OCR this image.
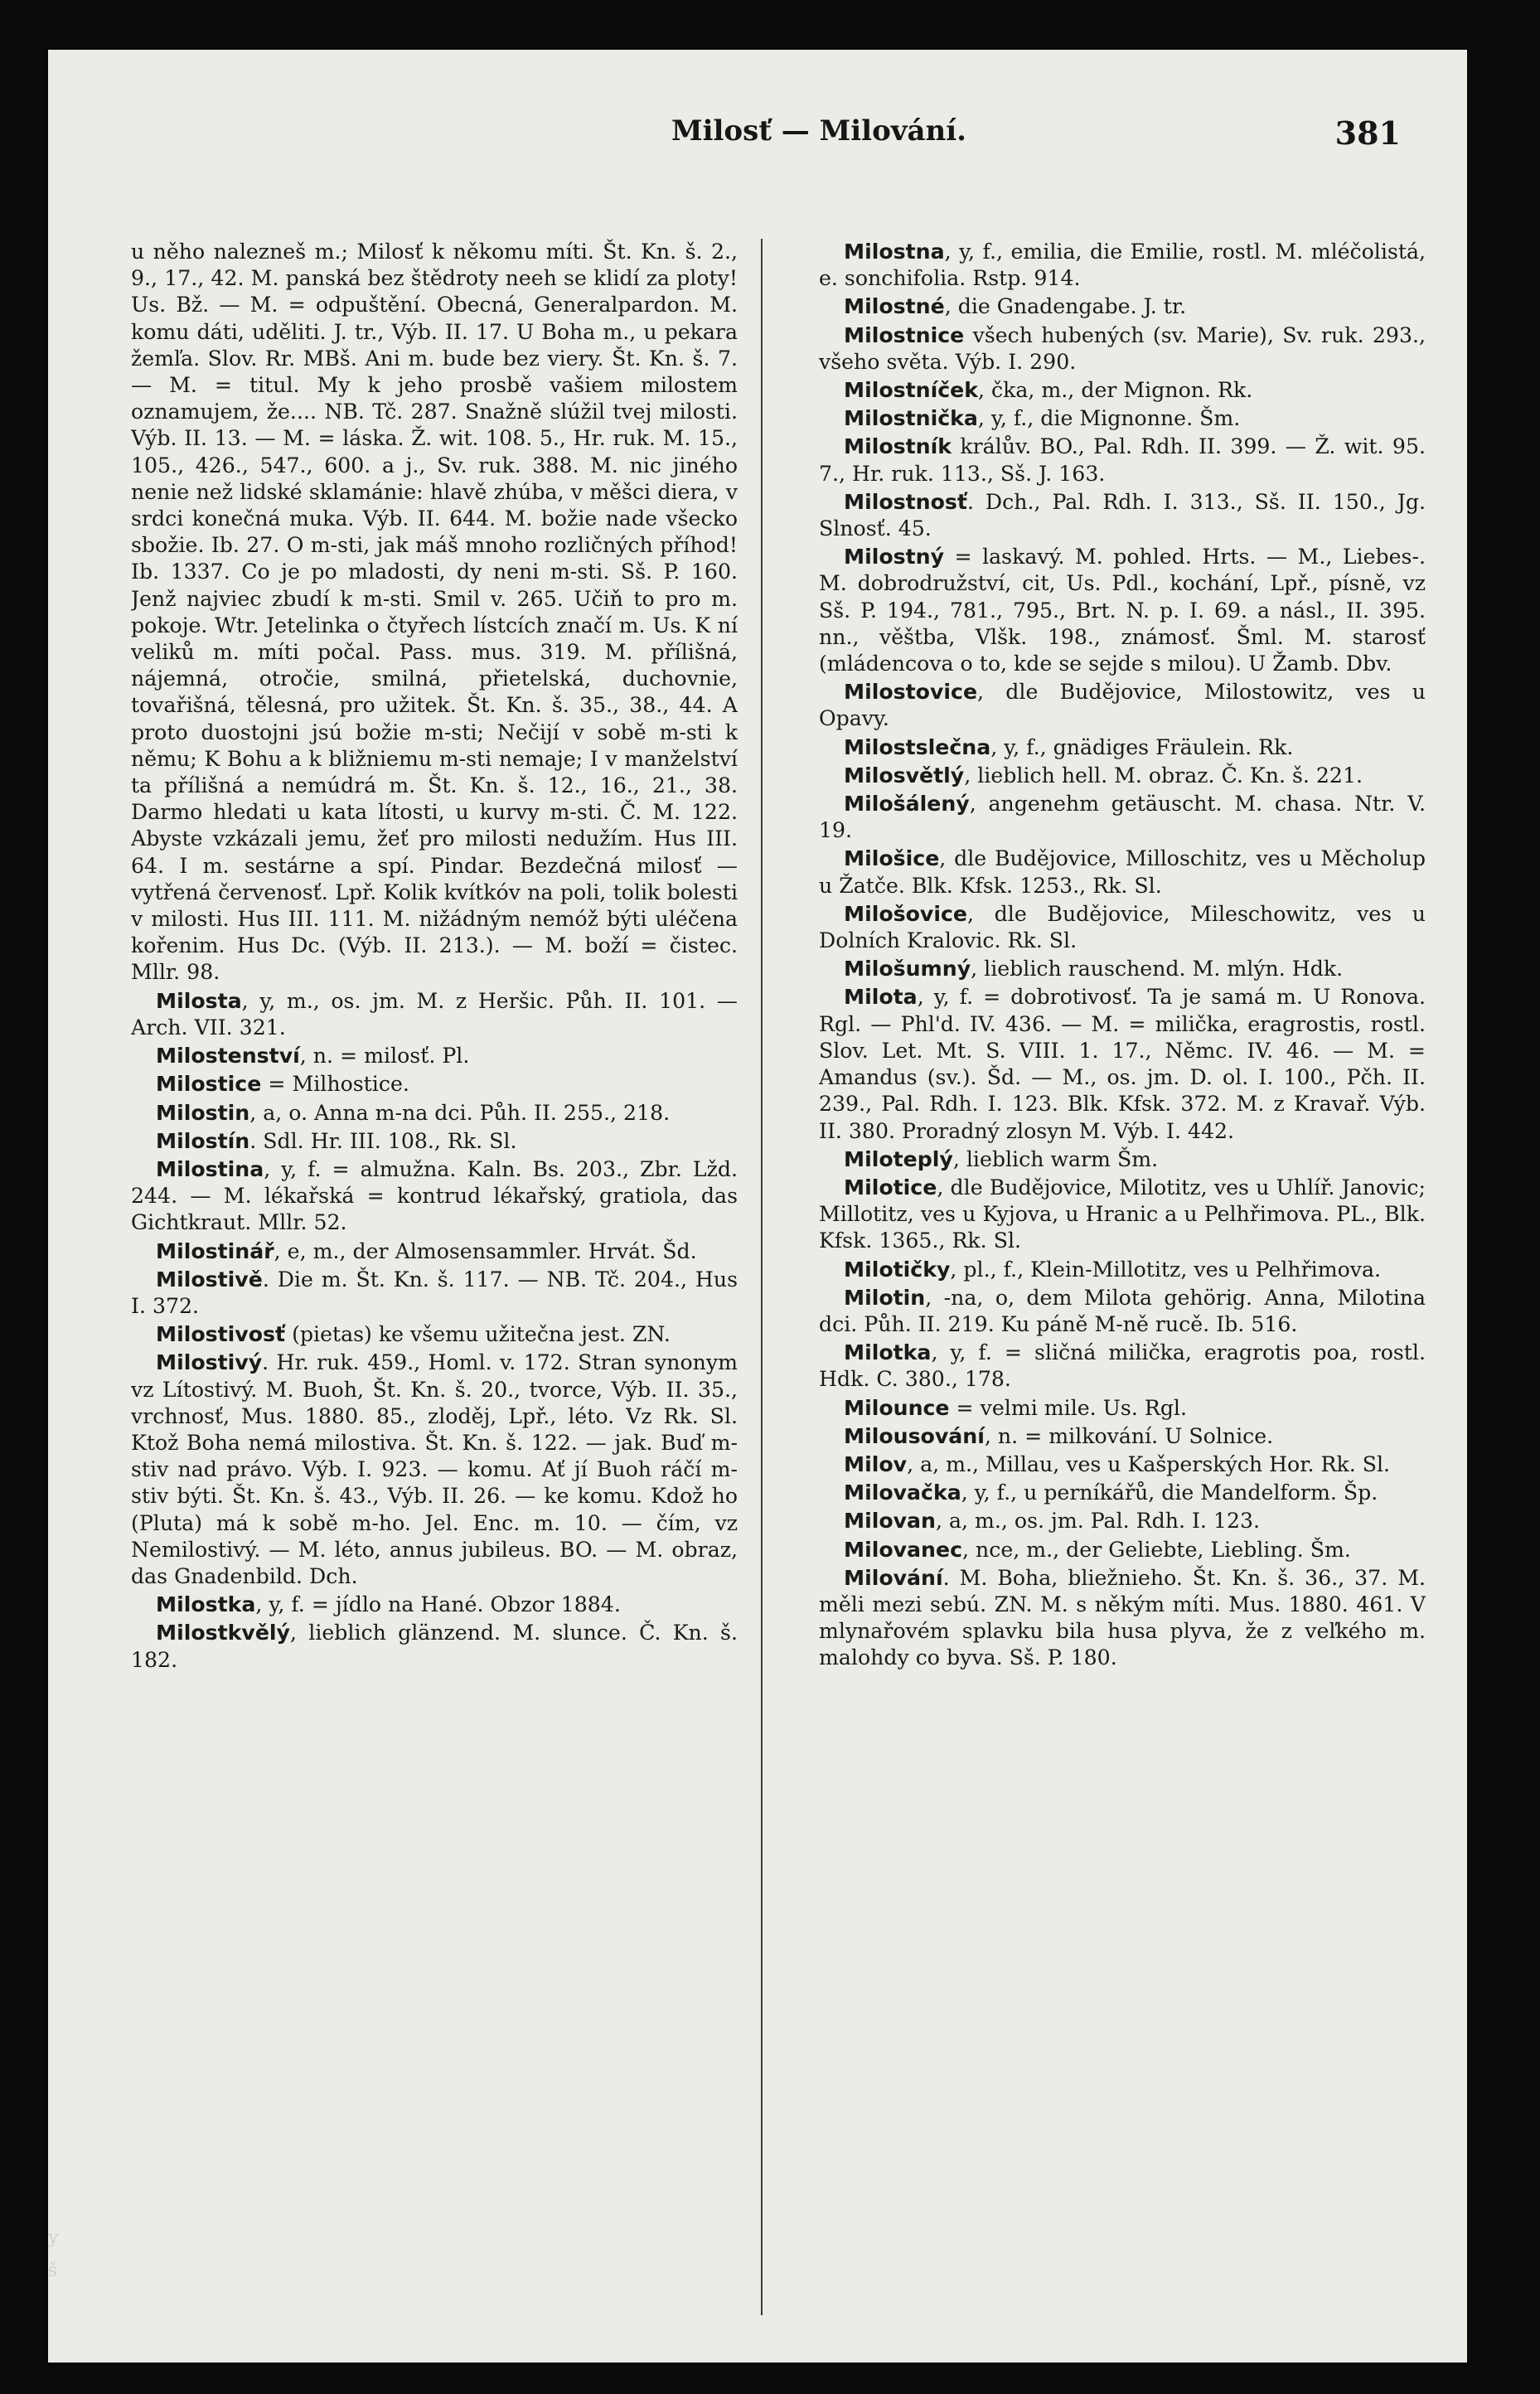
Milosť — Milování.	381

u něho nalezneš m.; Milosť k někomu míti. Št. Kn. š. 2., 9., 17., 42. M. panská bez štědroty neeh se klidí za ploty! Us. Bž. — M. = odpuštění. Obecná, Generalpardon. M. komu dáti, uděliti. J. tr., Výb. II. 17. U Boha m., u pekara žemľa. Slov. Rr. MBš. Ani m. bude bez viery. Št. Kn. š. 7. — M. = titul. My k jeho prosbě vašiem milostem oznamujem, že.... NB. Tč. 287. Snažně slúžil tvej milosti. Výb. II. 13. — M. = láska. Ž. wit. 108. 5., Hr. ruk. M. 15., 105., 426., 547., 600. a j., Sv. ruk. 388. M. nic jiného nenie než lidské sklamánie: hlavě zhúba, v měšci diera, v srdci konečná muka. Výb. II. 644. M. božie nade všecko sbožie. Ib. 27. O m-sti, jak máš mnoho rozličných příhod! Ib. 1337. Co je po mladosti, dy neni m-sti. Sš. P. 160. Jenž najviec zbudí k m-sti. Smil v. 265. Učiň to pro m. pokoje. Wtr. Jetelinka o čtyřech lístcích značí m. Us. K ní veliků m. míti počal. Pass. mus. 319. M. přílišná, nájemná, otročie, smilná, přietelská, duchovnie, tovařišná, tělesná, pro užitek. Št. Kn. š. 35., 38., 44. A proto duostojni jsú božie m-sti; Nečijí v sobě m-sti k němu; K Bohu a k bližniemu m-sti nemaje; I v manželství ta přílišná a nemúdrá m. Št. Kn. š. 12., 16., 21., 38. Darmo hledati u kata lítosti, u kurvy m-sti. Č. M. 122. Abyste vzkázali jemu, žeť pro milosti nedužím. Hus III. 64. I m. sestárne a spí. Pindar. Bezdečná milosť — vytřená červenosť. Lpř. Kolik kvítkóv na poli, tolik bolesti v milosti. Hus III. 111. M. nižádným nemóž býti uléčena kořenim. Hus Dc. (Výb. II. 213.). — M. boží = čistec. Mllr. 98.

Milosta, y, m., os. jm. M. z Heršic. Půh. II. 101. — Arch. VII. 321.

Milostenství, n. = milosť. Pl.

Milostice = Milhostice.

Milostin, a, o. Anna m-na dci. Půh. II. 255., 218.

Milostín. Sdl. Hr. III. 108., Rk. Sl.

Milostina, y, f. = almužna. Kaln. Bs. 203., Zbr. Lžd. 244. — M. lékařská = kontrud lékařský, gratiola, das Gichtkraut. Mllr. 52.

Milostinář, e, m., der Almosensammler. Hrvát. Šd.

Milostivě. Die m. Št. Kn. š. 117. — NB. Tč. 204., Hus I. 372.

Milostivosť (pietas) ke všemu užitečna jest. ZN.

Milostivý. Hr. ruk. 459., Homl. v. 172. Stran synonym vz Lítostivý. M. Buoh, Št. Kn. š. 20., tvorce, Výb. II. 35., vrchnosť, Mus. 1880. 85., zloděj, Lpř., léto. Vz Rk. Sl. Ktož Boha nemá milostiva. Št. Kn. š. 122. — jak. Buď m-stiv nad právo. Výb. I. 923. — komu. Ať jí Buoh ráčí m-stiv býti. Št. Kn. š. 43., Výb. II. 26. — ke komu. Kdož ho (Pluta) má k sobě m-ho. Jel. Enc. m. 10. — čím, vz Nemilostivý. — M. léto, annus jubileus. BO. — M. obraz, das Gnadenbild. Dch.

Milostka, y, f. = jídlo na Hané. Obzor 1884.

Milostkvělý, lieblich glänzend. M. slunce. Č. Kn. š. 182.

Milostna, y, f., emilia, die Emilie, rostl. M. mléčolistá, e. sonchifolia. Rstp. 914.

Milostné, die Gnadengabe. J. tr.

Milostnice všech hubených (sv. Marie), Sv. ruk. 293., všeho světa. Výb. I. 290.

Milostníček, čka, m., der Mignon. Rk.

Milostnička, y, f., die Mignonne. Šm.

Milostník králův. BO., Pal. Rdh. II. 399. — Ž. wit. 95. 7., Hr. ruk. 113., Sš. J. 163.

Milostnosť. Dch., Pal. Rdh. I. 313., Sš. II. 150., Jg. Slnosť. 45.

Milostný = laskavý. M. pohled. Hrts. — M., Liebes-. M. dobrodružství, cit, Us. Pdl., kochání, Lpř., písně, vz Sš. P. 194., 781., 795., Brt. N. p. I. 69. a násl., II. 395. nn., věštba, Vlšk. 198., známosť. Šml. M. starosť (mládencova o to, kde se sejde s milou). U Žamb. Dbv.

Milostovice, dle Budějovice, Milostowitz, ves u Opavy.

Milostslečna, y, f., gnädiges Fräulein. Rk.

Milosvětlý, lieblich hell. M. obraz. Č. Kn. š. 221.

Milošálený, angenehm getäuscht. M. chasa. Ntr. V. 19.

Milošice, dle Budějovice, Milloschitz, ves u Měcholup u Žatče. Blk. Kfsk. 1253., Rk. Sl.

Milošovice, dle Budějovice, Mileschowitz, ves u Dolních Kralovic. Rk. Sl.

Milošumný, lieblich rauschend. M. mlýn. Hdk.

Milota, y, f. = dobrotivosť. Ta je samá m. U Ronova. Rgl. — Phl'd. IV. 436. — M. = milička, eragrostis, rostl. Slov. Let. Mt. S. VIII. 1. 17., Němc. IV. 46. — M. = Amandus (sv.). Šd. — M., os. jm. D. ol. I. 100., Pčh. II. 239., Pal. Rdh. I. 123. Blk. Kfsk. 372. M. z Kravař. Výb. II. 380. Proradný zlosyn M. Výb. I. 442.

Miloteplý, lieblich warm Šm.

Milotice, dle Budějovice, Milotitz, ves u Uhlíř. Janovic; Millotitz, ves u Kyjova, u Hranic a u Pelhřimova. PL., Blk. Kfsk. 1365., Rk. Sl.

Milotičky, pl., f., Klein-Millotitz, ves u Pelhřimova.

Milotin, -na, o, dem Milota gehörig. Anna, Milotina dci. Půh. II. 219. Ku páně M-ně rucě. Ib. 516.

Milotka, y, f. = sličná milička, eragrotis poa, rostl. Hdk. C. 380., 178.

Milounce = velmi mile. Us. Rgl.

Milousování, n. = milkování. U Solnice.

Milov, a, m., Millau, ves u Kašperských Hor. Rk. Sl.

Milovačka, y, f., u perníkářů, die Mandelform. Šp.

Milovan, a, m., os. jm. Pal. Rdh. I. 123.

Milovanec, nce, m., der Geliebte, Liebling. Šm.

Milování. M. Boha, bliežnieho. Št. Kn. š. 36., 37. M. měli mezi sebú. ZN. M. s někým míti. Mus. 1880. 461. V mlynařovém splavku bila husa plyva, že z veľkého m. malohdy co byva. Sš. P. 180.

y
š
